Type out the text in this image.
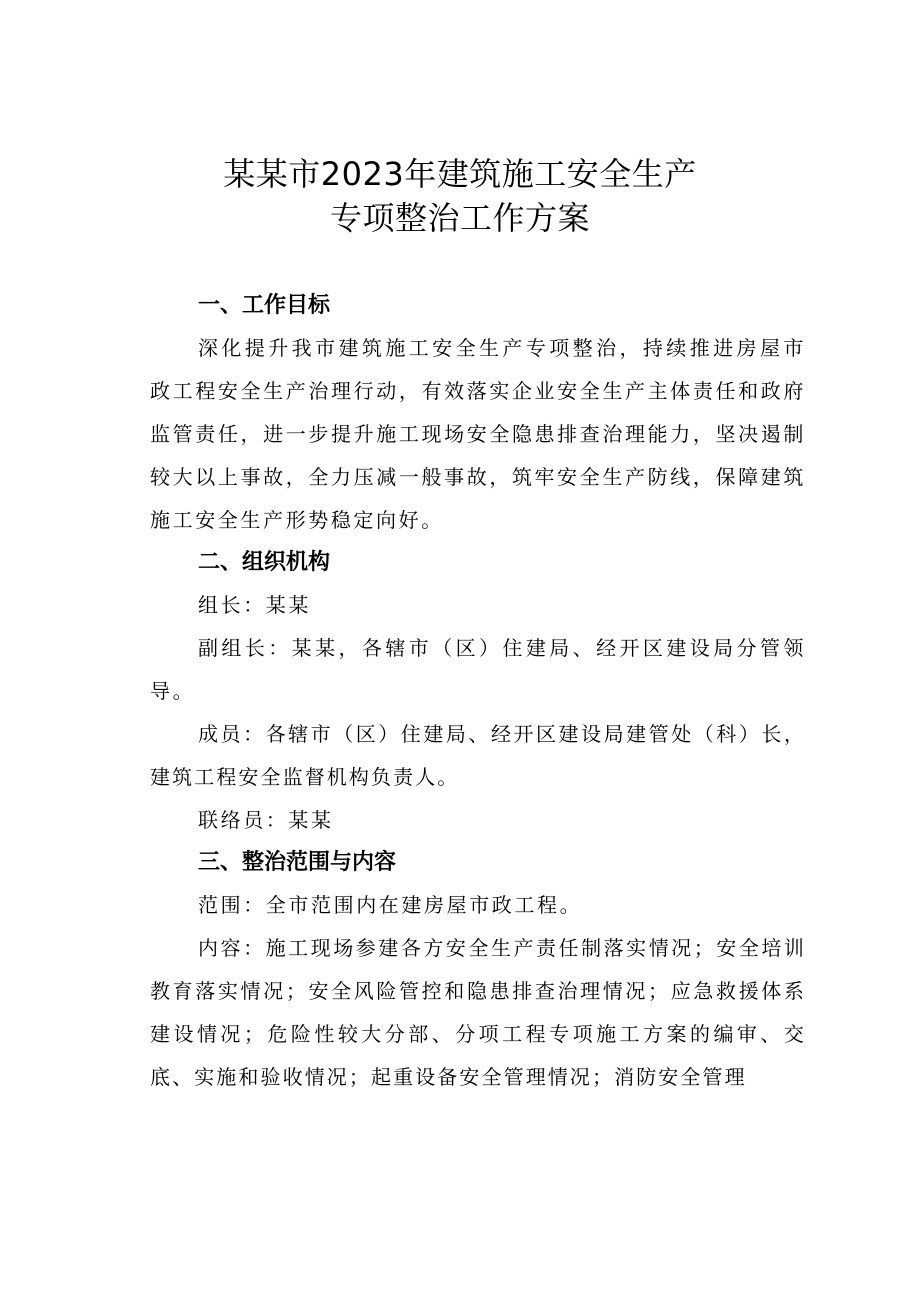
某某市2023年建筑施工安全生产
专项整治工作方案
一、工作目标

深化提升我市建筑施工安全生产专项整治，持续推进房屋市政工程安全生产治理行动，有效落实企业安全生产主体责任和政府监管责任，进一步提升施工现场安全隐患排查治理能力，坚决遏制较大以上事故，全力压减一般事故，筑牢安全生产防线，保障建筑施工安全生产形势稳定向好。

二、组织机构

组长：某某

副组长：某某，各辖市（区）住建局、经开区建设局分管领导。

成员：各辖市（区）住建局、经开区建设局建管处（科）长，建筑工程安全监督机构负责人。

联络员：某某

三、整治范围与内容

范围：全市范围内在建房屋市政工程。

内容：施工现场参建各方安全生产责任制落实情况；安全培训教育落实情况；安全风险管控和隐患排查治理情况；应急救援体系建设情况；危险性较大分部、分项工程专项施工方案的编审、交底、实施和验收情况；起重设备安全管理情况；消防安全管理
